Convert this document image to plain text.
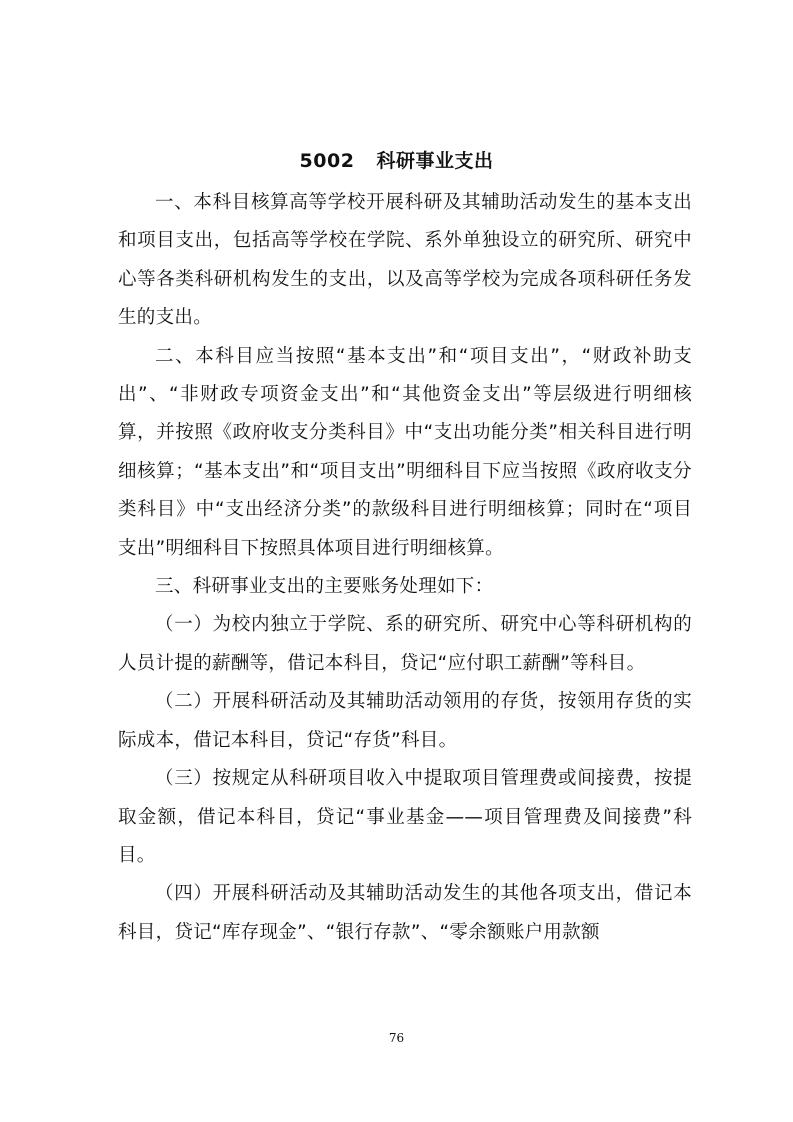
5002 科研事业支出

一、本科目核算高等学校开展科研及其辅助活动发生的基本支出和项目支出，包括高等学校在学院、系外单独设立的研究所、研究中心等各类科研机构发生的支出，以及高等学校为完成各项科研任务发生的支出。

二、本科目应当按照“基本支出”和“项目支出”，“财政补助支出”、“非财政专项资金支出”和“其他资金支出”等层级进行明细核算，并按照《政府收支分类科目》中“支出功能分类”相关科目进行明细核算；“基本支出”和“项目支出”明细科目下应当按照《政府收支分类科目》中“支出经济分类”的款级科目进行明细核算；同时在“项目支出”明细科目下按照具体项目进行明细核算。

三、科研事业支出的主要账务处理如下：

（一）为校内独立于学院、系的研究所、研究中心等科研机构的人员计提的薪酬等，借记本科目，贷记“应付职工薪酬”等科目。

（二）开展科研活动及其辅助活动领用的存货，按领用存货的实际成本，借记本科目，贷记“存货”科目。

（三）按规定从科研项目收入中提取项目管理费或间接费，按提取金额，借记本科目，贷记“事业基金——项目管理费及间接费”科目。

（四）开展科研活动及其辅助活动发生的其他各项支出，借记本科目，贷记“库存现金”、“银行存款”、“零余额账户用款额

76
